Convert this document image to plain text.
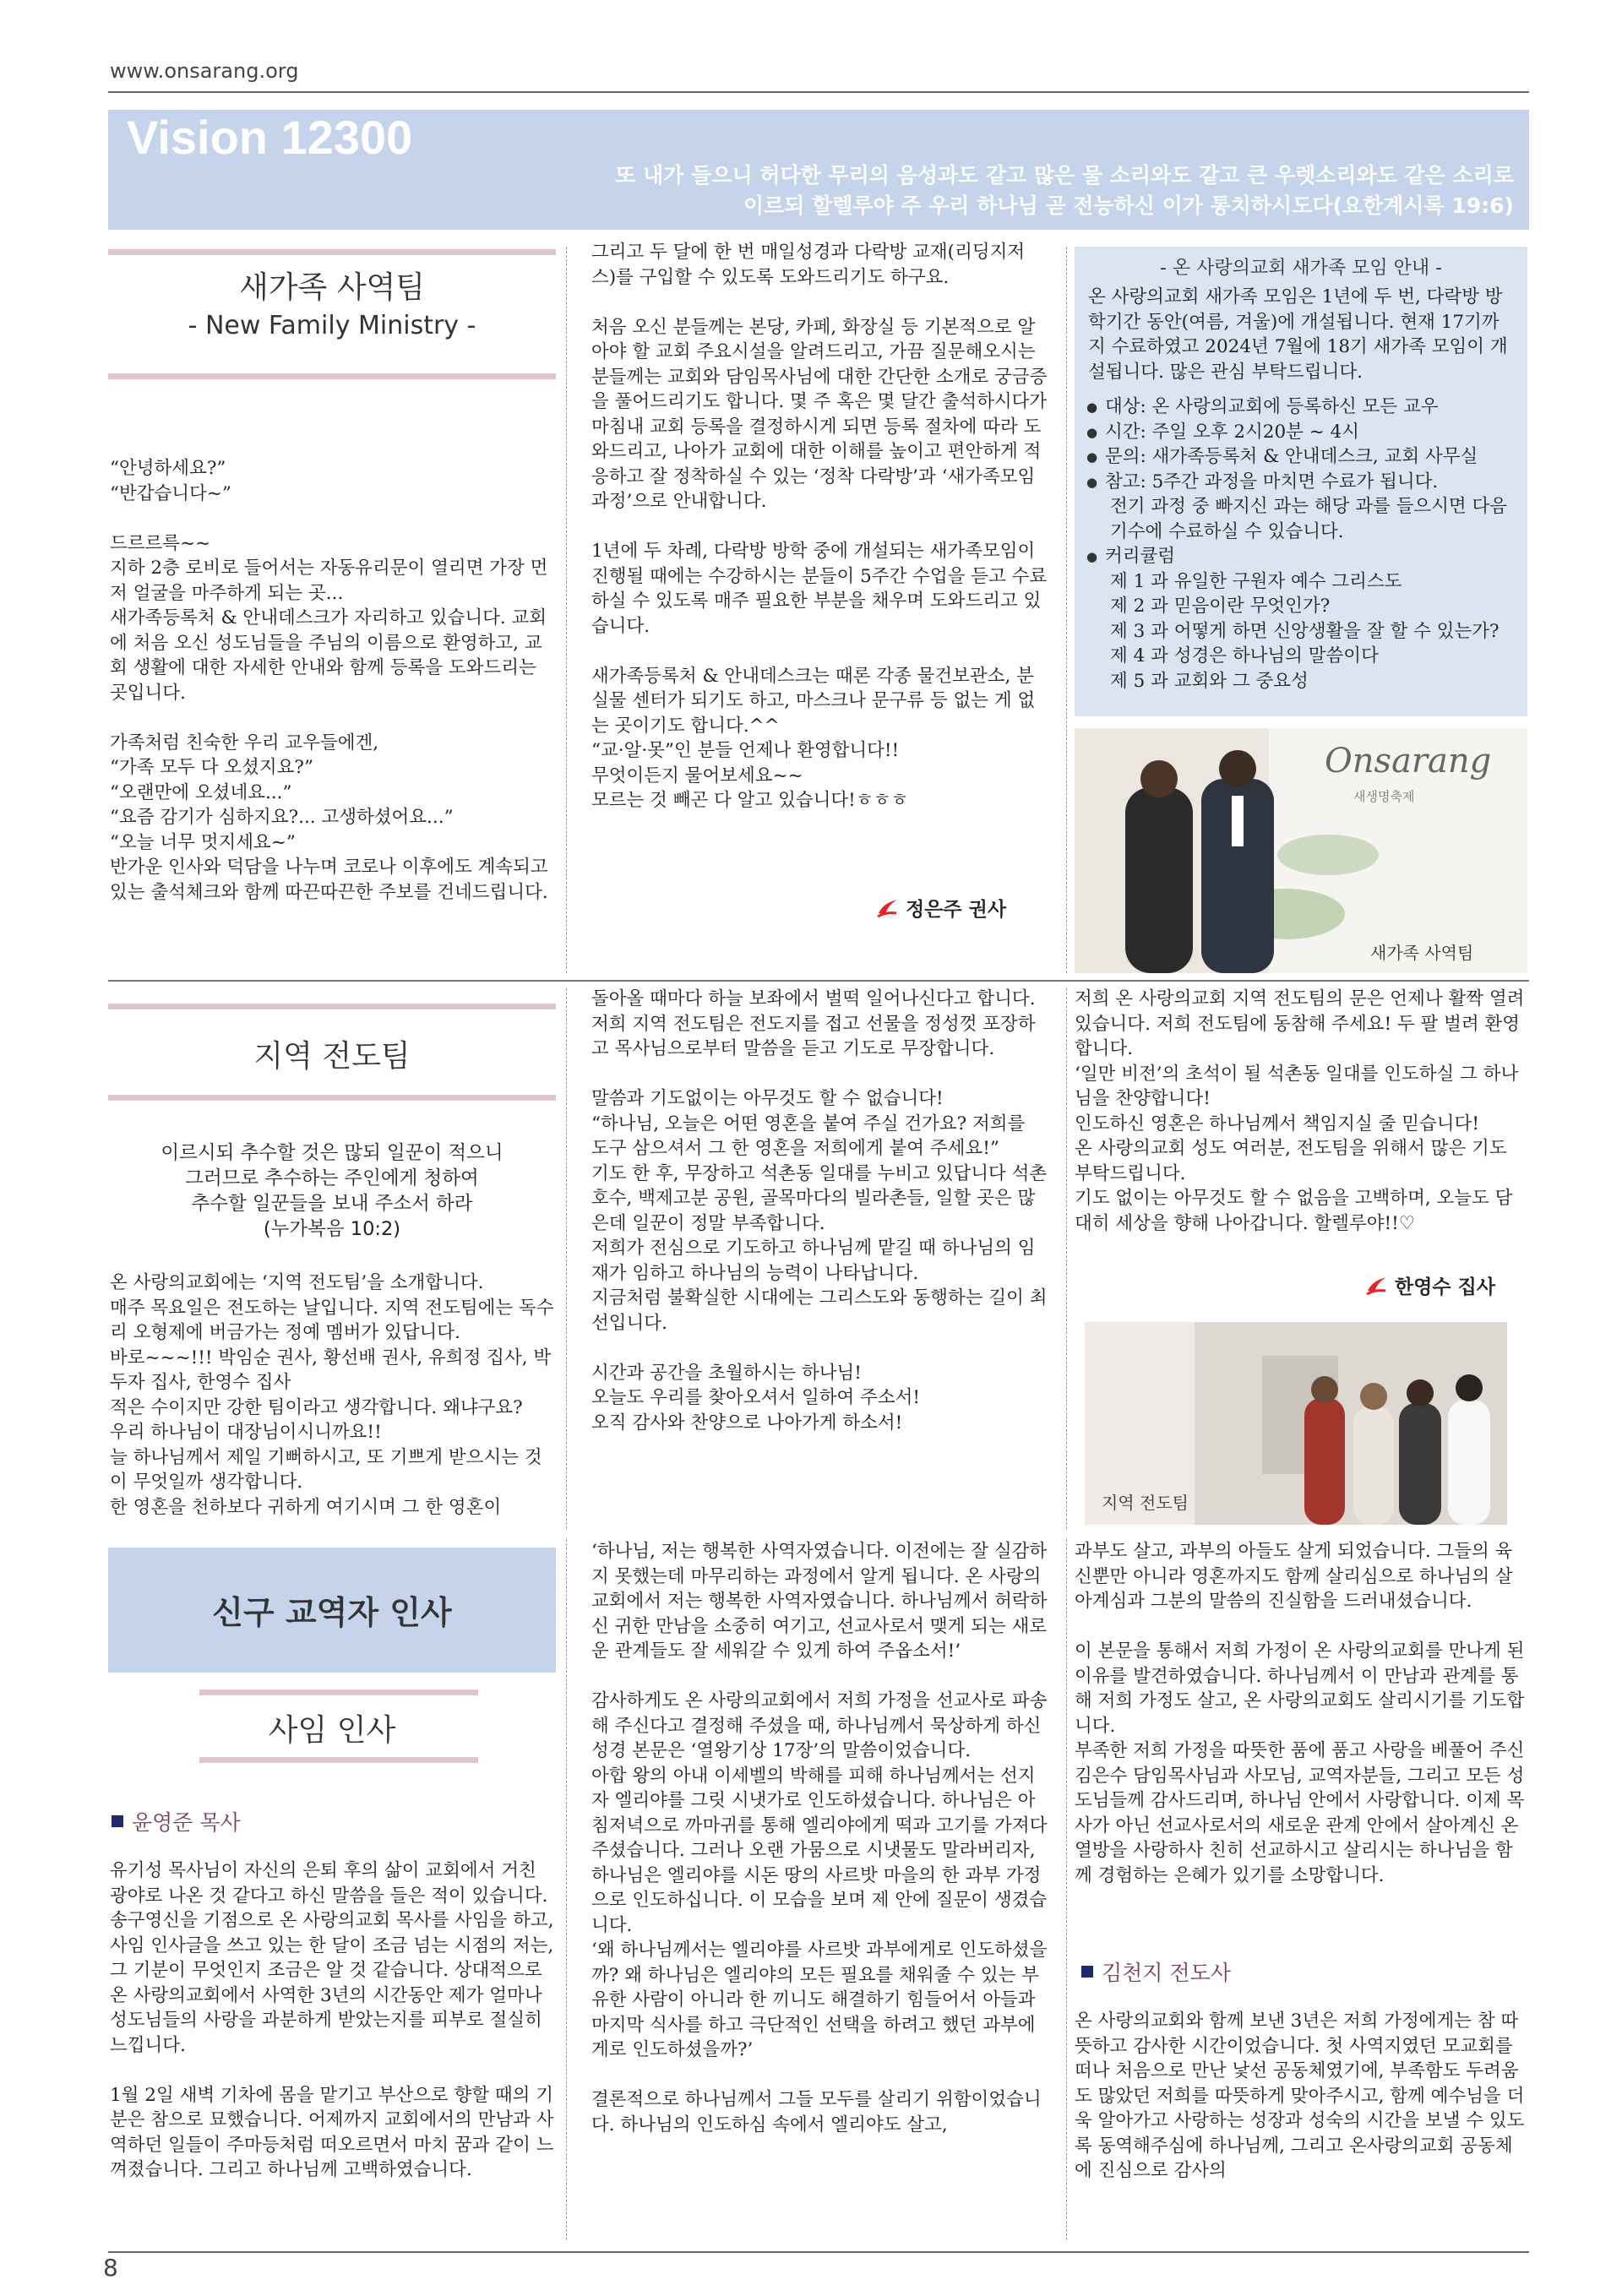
www.onsarang.org
Vision 12300
또 내가 들으니 허다한 무리의 음성과도 같고 많은 물 소리와도 같고 큰 우렛소리와도 같은 소리로
이르되 할렐루야 주 우리 하나님 곧 전능하신 이가 통치하시도다(요한계시록 19:6)
새가족 사역팀
- New Family Ministry -
“안녕하세요?”
“반갑습니다~”

드르르륵~~
지하 2층 로비로 들어서는 자동유리문이 열리면 가장 먼저 얼굴을 마주하게 되는 곳...
새가족등록처 & 안내데스크가 자리하고 있습니다. 교회에 처음 오신 성도님들을 주님의 이름으로 환영하고, 교회 생활에 대한 자세한 안내와 함께 등록을 도와드리는 곳입니다.

가족처럼 친숙한 우리 교우들에겐,
“가족 모두 다 오셨지요?”
“오랜만에 오셨네요...”
“요즘 감기가 심하지요?... 고생하셨어요...”
“오늘 너무 멋지세요~”
반가운 인사와 덕담을 나누며 코로나 이후에도 계속되고 있는 출석체크와 함께 따끈따끈한 주보를 건네드립니다.
그리고 두 달에 한 번 매일성경과 다락방 교재(리딩지저스)를 구입할 수 있도록 도와드리기도 하구요.

처음 오신 분들께는 본당, 카페, 화장실 등 기본적으로 알아야 할 교회 주요시설을 알려드리고, 가끔 질문해오시는 분들께는 교회와 담임목사님에 대한 간단한 소개로 궁금증을 풀어드리기도 합니다. 몇 주 혹은 몇 달간 출석하시다가 마침내 교회 등록을 결정하시게 되면 등록 절차에 따라 도와드리고, 나아가 교회에 대한 이해를 높이고 편안하게 적응하고 잘 정착하실 수 있는 ‘정착 다락방’과 ‘새가족모임 과정’으로 안내합니다.

1년에 두 차례, 다락방 방학 중에 개설되는 새가족모임이 진행될 때에는 수강하시는 분들이 5주간 수업을 듣고 수료하실 수 있도록 매주 필요한 부분을 채우며 도와드리고 있습니다.

새가족등록처 & 안내데스크는 때론 각종 물건보관소, 분실물 센터가 되기도 하고, 마스크나 문구류 등 없는 게 없는 곳이기도 합니다.^^
“교·알·못”인 분들 언제나 환영합니다!!
무엇이든지 물어보세요~~
모르는 것 빼곤 다 알고 있습니다!ㅎㅎㅎ
정은주 권사
- 온 사랑의교회 새가족 모임 안내 -
온 사랑의교회 새가족 모임은 1년에 두 번, 다락방 방학기간 동안(여름, 겨울)에 개설됩니다. 현재 17기까지 수료하였고 2024년 7월에 18기 새가족 모임이 개설됩니다. 많은 관심 부탁드립니다.
● 대상: 온 사랑의교회에 등록하신 모든 교우
● 시간: 주일 오후 2시20분 ~ 4시
● 문의: 새가족등록처 & 안내데스크, 교회 사무실
● 참고: 5주간 과정을 마치면 수료가 됩니다.
전기 과정 중 빠지신 과는 해당 과를 들으시면 다음 기수에 수료하실 수 있습니다.
● 커리큘럼
제 1 과 유일한 구원자 예수 그리스도
제 2 과 믿음이란 무엇인가?
제 3 과 어떻게 하면 신앙생활을 잘 할 수 있는가?
제 4 과 성경은 하나님의 말씀이다
제 5 과 교회와 그 중요성
Onsarang
새생명축제
새가족 사역팀
지역 전도팀
이르시되 추수할 것은 많되 일꾼이 적으니
그러므로 추수하는 주인에게 청하여
추수할 일꾼들을 보내 주소서 하라
(누가복음 10:2)
온 사랑의교회에는 ‘지역 전도팀’을 소개합니다.
매주 목요일은 전도하는 날입니다. 지역 전도팀에는 독수리 오형제에 버금가는 정예 멤버가 있답니다.
바로~~~!!! 박임순 권사, 황선배 권사, 유희정 집사, 박두자 집사, 한영수 집사
적은 수이지만 강한 팀이라고 생각합니다. 왜냐구요?
우리 하나님이 대장님이시니까요!!
늘 하나님께서 제일 기뻐하시고, 또 기쁘게 받으시는 것이 무엇일까 생각합니다.
한 영혼을 천하보다 귀하게 여기시며 그 한 영혼이
돌아올 때마다 하늘 보좌에서 벌떡 일어나신다고 합니다.
저희 지역 전도팀은 전도지를 접고 선물을 정성껏 포장하고 목사님으로부터 말씀을 듣고 기도로 무장합니다.

말씀과 기도없이는 아무것도 할 수 없습니다!
“하나님, 오늘은 어떤 영혼을 붙여 주실 건가요? 저희를 도구 삼으셔서 그 한 영혼을 저희에게 붙여 주세요!”
기도 한 후, 무장하고 석촌동 일대를 누비고 있답니다 석촌호수, 백제고분 공원, 골목마다의 빌라촌들, 일할 곳은 많은데 일꾼이 정말 부족합니다.
저희가 전심으로 기도하고 하나님께 맡길 때 하나님의 임재가 임하고 하나님의 능력이 나타납니다.
지금처럼 불확실한 시대에는 그리스도와 동행하는 길이 최선입니다.

시간과 공간을 초월하시는 하나님!
오늘도 우리를 찾아오셔서 일하여 주소서!
오직 감사와 찬양으로 나아가게 하소서!
저희 온 사랑의교회 지역 전도팀의 문은 언제나 활짝 열려 있습니다. 저희 전도팀에 동참해 주세요! 두 팔 벌려 환영합니다.
‘일만 비전’의 초석이 될 석촌동 일대를 인도하실 그 하나님을 찬양합니다!
인도하신 영혼은 하나님께서 책임지실 줄 믿습니다!
온 사랑의교회 성도 여러분, 전도팀을 위해서 많은 기도 부탁드립니다.
기도 없이는 아무것도 할 수 없음을 고백하며, 오늘도 담대히 세상을 향해 나아갑니다. 할렐루야!!♡
한영수 집사
지역 전도팀
신구 교역자 인사
사임 인사
윤영준 목사
유기성 목사님이 자신의 은퇴 후의 삶이 교회에서 거친 광야로 나온 것 같다고 하신 말씀을 들은 적이 있습니다. 송구영신을 기점으로 온 사랑의교회 목사를 사임을 하고, 사임 인사글을 쓰고 있는 한 달이 조금 넘는 시점의 저는, 그 기분이 무엇인지 조금은 알 것 같습니다. 상대적으로 온 사랑의교회에서 사역한 3년의 시간동안 제가 얼마나 성도님들의 사랑을 과분하게 받았는지를 피부로 절실히 느낍니다.

1월 2일 새벽 기차에 몸을 맡기고 부산으로 향할 때의 기분은 참으로 묘했습니다. 어제까지 교회에서의 만남과 사역하던 일들이 주마등처럼 떠오르면서 마치 꿈과 같이 느껴졌습니다. 그리고 하나님께 고백하였습니다.
‘하나님, 저는 행복한 사역자였습니다. 이전에는 잘 실감하지 못했는데 마무리하는 과정에서 알게 됩니다. 온 사랑의교회에서 저는 행복한 사역자였습니다. 하나님께서 허락하신 귀한 만남을 소중히 여기고, 선교사로서 맺게 되는 새로운 관계들도 잘 세워갈 수 있게 하여 주옵소서!’

감사하게도 온 사랑의교회에서 저희 가정을 선교사로 파송해 주신다고 결정해 주셨을 때, 하나님께서 묵상하게 하신 성경 본문은 ‘열왕기상 17장’의 말씀이었습니다.
아합 왕의 아내 이세벨의 박해를 피해 하나님께서는 선지자 엘리야를 그릿 시냇가로 인도하셨습니다. 하나님은 아침저녁으로 까마귀를 통해 엘리야에게 떡과 고기를 가져다주셨습니다. 그러나 오랜 가뭄으로 시냇물도 말라버리자, 하나님은 엘리야를 시돈 땅의 사르밧 마을의 한 과부 가정으로 인도하십니다. 이 모습을 보며 제 안에 질문이 생겼습니다.
‘왜 하나님께서는 엘리야를 사르밧 과부에게로 인도하셨을까? 왜 하나님은 엘리야의 모든 필요를 채워줄 수 있는 부유한 사람이 아니라 한 끼니도 해결하기 힘들어서 아들과 마지막 식사를 하고 극단적인 선택을 하려고 했던 과부에게로 인도하셨을까?’

결론적으로 하나님께서 그들 모두를 살리기 위함이었습니다. 하나님의 인도하심 속에서 엘리야도 살고,
과부도 살고, 과부의 아들도 살게 되었습니다. 그들의 육신뿐만 아니라 영혼까지도 함께 살리심으로 하나님의 살아계심과 그분의 말씀의 진실함을 드러내셨습니다.

이 본문을 통해서 저희 가정이 온 사랑의교회를 만나게 된 이유를 발견하였습니다. 하나님께서 이 만남과 관계를 통해 저희 가정도 살고, 온 사랑의교회도 살리시기를 기도합니다.
부족한 저희 가정을 따뜻한 품에 품고 사랑을 베풀어 주신 김은수 담임목사님과 사모님, 교역자분들, 그리고 모든 성도님들께 감사드리며, 하나님 안에서 사랑합니다. 이제 목사가 아닌 선교사로서의 새로운 관계 안에서 살아계신 온 열방을 사랑하사 친히 선교하시고 살리시는 하나님을 함께 경험하는 은혜가 있기를 소망합니다.
김천지 전도사
온 사랑의교회와 함께 보낸 3년은 저희 가정에게는 참 따뜻하고 감사한 시간이었습니다. 첫 사역지였던 모교회를 떠나 처음으로 만난 낯선 공동체였기에, 부족함도 두려움도 많았던 저희를 따뜻하게 맞아주시고, 함께 예수님을 더욱 알아가고 사랑하는 성장과 성숙의 시간을 보낼 수 있도록 동역해주심에 하나님께, 그리고 온사랑의교회 공동체에 진심으로 감사의
8
